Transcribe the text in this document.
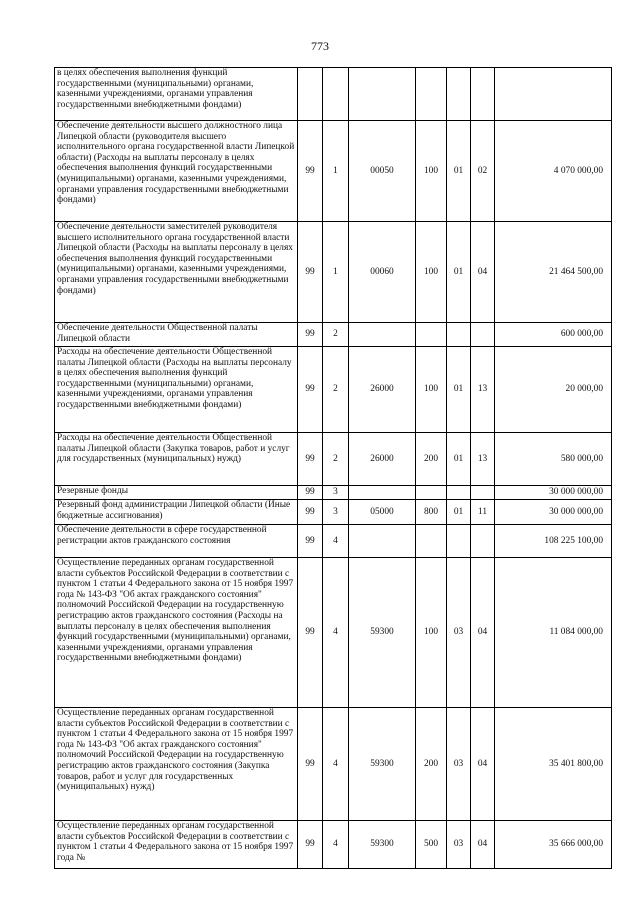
773
в целях обеспечения выполнения функций государственными (муниципальными) органами, казенными учреждениями, органами управления государственными внебюджетными фондами)							
Обеспечение деятельности высшего должностного лица Липецкой области (руководителя высшего исполнительного органа государственной власти Липецкой области) (Расходы на выплаты персоналу в целях обеспечения выполнения функций государственными (муниципальными) органами, казенными учреждениями, органами управления государственными внебюджетными фондами)	99	1	00050	100	01	02	4 070 000,00
Обеспечение деятельности заместителей руководителя высшего исполнительного органа государственной власти Липецкой области (Расходы на выплаты персоналу в целях обеспечения выполнения функций государственными (муниципальными) органами, казенными учреждениями, органами управления государственными внебюджетными фондами)	99	1	00060	100	01	04	21 464 500,00
Обеспечение деятельности Общественной палаты Липецкой области	99	2					600 000,00
Расходы на обеспечение деятельности Общественной палаты Липецкой области (Расходы на выплаты персоналу в целях обеспечения выполнения функций государственными (муниципальными) органами, казенными учреждениями, органами управления государственными внебюджетными фондами)	99	2	26000	100	01	13	20 000,00
Расходы на обеспечение деятельности Общественной палаты Липецкой области (Закупка товаров, работ и услуг для государственных (муниципальных) нужд)	99	2	26000	200	01	13	580 000,00
Резервные фонды	99	3					30 000 000,00
Резервный фонд администрации Липецкой области (Иные бюджетные ассигнования)	99	3	05000	800	01	11	30 000 000,00
Обеспечение деятельности в сфере государственной регистрации актов гражданского состояния	99	4					108 225 100,00
Осуществление переданных органам государственной власти субъектов Российской Федерации в соответствии с пунктом 1 статьи 4 Федерального закона от 15 ноября 1997 года № 143-ФЗ "Об актах гражданского состояния" полномочий Российской Федерации на государственную регистрацию актов гражданского состояния (Расходы на выплаты персоналу в целях обеспечения выполнения функций государственными (муниципальными) органами, казенными учреждениями, органами управления государственными внебюджетными фондами)	99	4	59300	100	03	04	11 084 000,00
Осуществление переданных органам государственной власти субъектов Российской Федерации в соответствии с пунктом 1 статьи 4 Федерального закона от 15 ноября 1997 года № 143-ФЗ "Об актах гражданского состояния" полномочий Российской Федерации на государственную регистрацию актов гражданского состояния (Закупка товаров, работ и услуг для государственных (муниципальных) нужд)	99	4	59300	200	03	04	35 401 800,00
Осуществление переданных органам государственной власти субъектов Российской Федерации в соответствии с пунктом 1 статьи 4 Федерального закона от 15 ноября 1997 года №	99	4	59300	500	03	04	35 666 000,00
